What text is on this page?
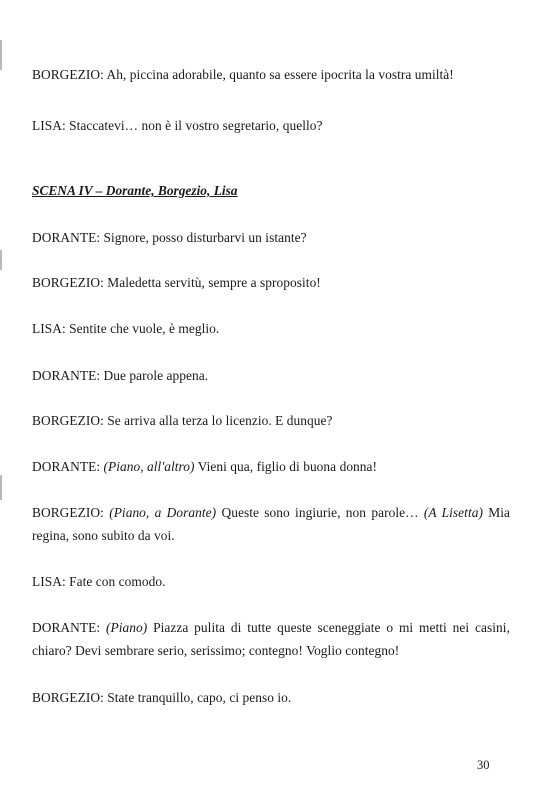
BORGEZIO: Ah, piccina adorabile, quanto sa essere ipocrita la vostra umiltà!
LISA: Staccatevi… non è il vostro segretario, quello?
SCENA IV – Dorante, Borgezio, Lisa
DORANTE: Signore, posso disturbarvi un istante?
BORGEZIO: Maledetta servitù, sempre a sproposito!
LISA: Sentite che vuole, è meglio.
DORANTE: Due parole appena.
BORGEZIO: Se arriva alla terza lo licenzio. E dunque?
DORANTE: (Piano, all'altro) Vieni qua, figlio di buona donna!
BORGEZIO: (Piano, a Dorante) Queste sono ingiurie, non parole… (A Lisetta) Mia regina, sono subito da voi.
LISA: Fate con comodo.
DORANTE: (Piano) Piazza pulita di tutte queste sceneggiate o mi metti nei casini, chiaro? Devi sembrare serio, serissimo; contegno! Voglio contegno!
BORGEZIO: State tranquillo, capo, ci penso io.
30
